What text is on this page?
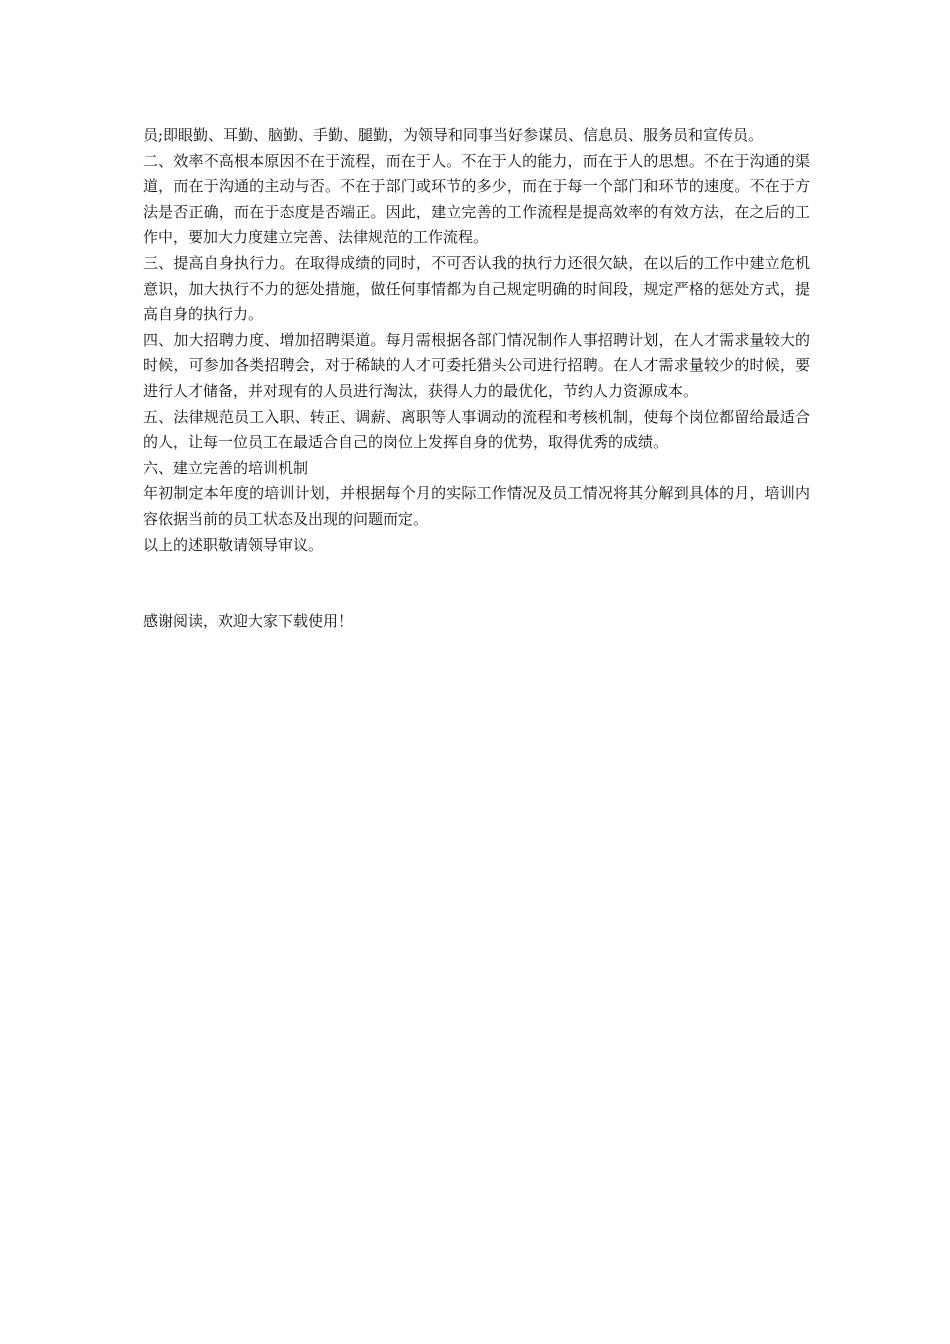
员;即眼勤、耳勤、脑勤、手勤、腿勤，为领导和同事当好参谋员、信息员、服务员和宣传员。

二、效率不高根本原因不在于流程，而在于人。不在于人的能力，而在于人的思想。不在于沟通的渠道，而在于沟通的主动与否。不在于部门或环节的多少，而在于每一个部门和环节的速度。不在于方法是否正确，而在于态度是否端正。因此，建立完善的工作流程是提高效率的有效方法，在之后的工作中，要加大力度建立完善、法律规范的工作流程。

三、提高自身执行力。在取得成绩的同时，不可否认我的执行力还很欠缺，在以后的工作中建立危机意识，加大执行不力的惩处措施，做任何事情都为自己规定明确的时间段，规定严格的惩处方式，提高自身的执行力。

四、加大招聘力度、增加招聘渠道。每月需根据各部门情况制作人事招聘计划，在人才需求量较大的时候，可参加各类招聘会，对于稀缺的人才可委托猎头公司进行招聘。在人才需求量较少的时候，要进行人才储备，并对现有的人员进行淘汰，获得人力的最优化，节约人力资源成本。

五、法律规范员工入职、转正、调薪、离职等人事调动的流程和考核机制，使每个岗位都留给最适合的人，让每一位员工在最适合自己的岗位上发挥自身的优势，取得优秀的成绩。

六、建立完善的培训机制

年初制定本年度的培训计划，并根据每个月的实际工作情况及员工情况将其分解到具体的月，培训内容依据当前的员工状态及出现的问题而定。

以上的述职敬请领导审议。

感谢阅读，欢迎大家下载使用！
